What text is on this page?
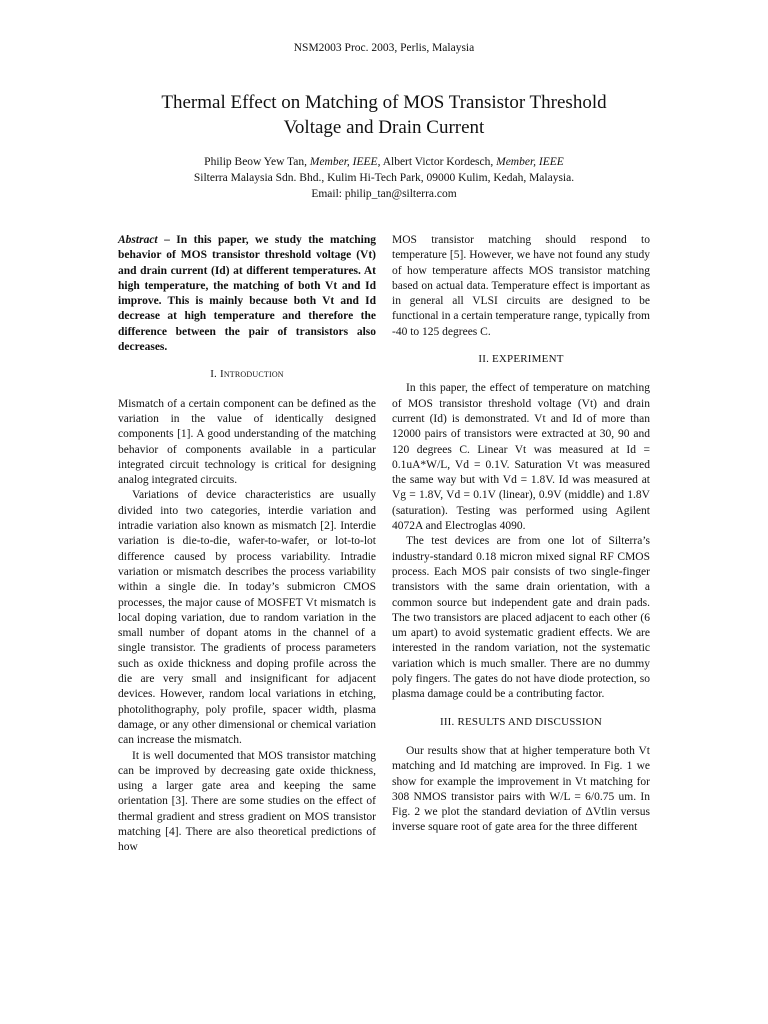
NSM2003 Proc. 2003, Perlis, Malaysia
Thermal Effect on Matching of MOS Transistor Threshold
Voltage and Drain Current
Philip Beow Yew Tan, Member, IEEE, Albert Victor Kordesch, Member, IEEE
Silterra Malaysia Sdn. Bhd., Kulim Hi-Tech Park, 09000 Kulim, Kedah, Malaysia.
Email: philip_tan@silterra.com

Abstract – In this paper, we study the matching behavior of MOS transistor threshold voltage (Vt) and drain current (Id) at different temperatures. At high temperature, the matching of both Vt and Id improve. This is mainly because both Vt and Id decrease at high temperature and therefore the difference between the pair of transistors also decreases.

I. Introduction

Mismatch of a certain component can be defined as the variation in the value of identically designed components [1]. A good understanding of the matching behavior of components available in a particular integrated circuit technology is critical for designing analog integrated circuits.

Variations of device characteristics are usually divided into two categories, interdie variation and intradie variation also known as mismatch [2]. Interdie variation is die-to-die, wafer-to-wafer, or lot-to-lot difference caused by process variability. Intradie variation or mismatch describes the process variability within a single die. In today’s submicron CMOS processes, the major cause of MOSFET Vt mismatch is local doping variation, due to random variation in the small number of dopant atoms in the channel of a single transistor. The gradients of process parameters such as oxide thickness and doping profile across the die are very small and insignificant for adjacent devices. However, random local variations in etching, photolithography, poly profile, spacer width, plasma damage, or any other dimensional or chemical variation can increase the mismatch.

It is well documented that MOS transistor matching can be improved by decreasing gate oxide thickness, using a larger gate area and keeping the same orientation [3]. There are some studies on the effect of thermal gradient and stress gradient on MOS transistor matching [4]. There are also theoretical predictions of how

MOS transistor matching should respond to temperature [5]. However, we have not found any study of how temperature affects MOS transistor matching based on actual data. Temperature effect is important as in general all VLSI circuits are designed to be functional in a certain temperature range, typically from -40 to 125 degrees C.

II. EXPERIMENT

In this paper, the effect of temperature on matching of MOS transistor threshold voltage (Vt) and drain current (Id) is demonstrated. Vt and Id of more than 12000 pairs of transistors were extracted at 30, 90 and 120 degrees C. Linear Vt was measured at Id = 0.1uA*W/L, Vd = 0.1V. Saturation Vt was measured the same way but with Vd = 1.8V. Id was measured at Vg = 1.8V, Vd = 0.1V (linear), 0.9V (middle) and 1.8V (saturation). Testing was performed using Agilent 4072A and Electroglas 4090.

The test devices are from one lot of Silterra’s industry-standard 0.18 micron mixed signal RF CMOS process. Each MOS pair consists of two single-finger transistors with the same drain orientation, with a common source but independent gate and drain pads. The two transistors are placed adjacent to each other (6 um apart) to avoid systematic gradient effects. We are interested in the random variation, not the systematic variation which is much smaller. There are no dummy poly fingers. The gates do not have diode protection, so plasma damage could be a contributing factor.

III. RESULTS AND DISCUSSION

Our results show that at higher temperature both Vt matching and Id matching are improved. In Fig. 1 we show for example the improvement in Vt matching for 308 NMOS transistor pairs with W/L = 6/0.75 um. In Fig. 2 we plot the standard deviation of ΔVtlin versus inverse square root of gate area for the three different
